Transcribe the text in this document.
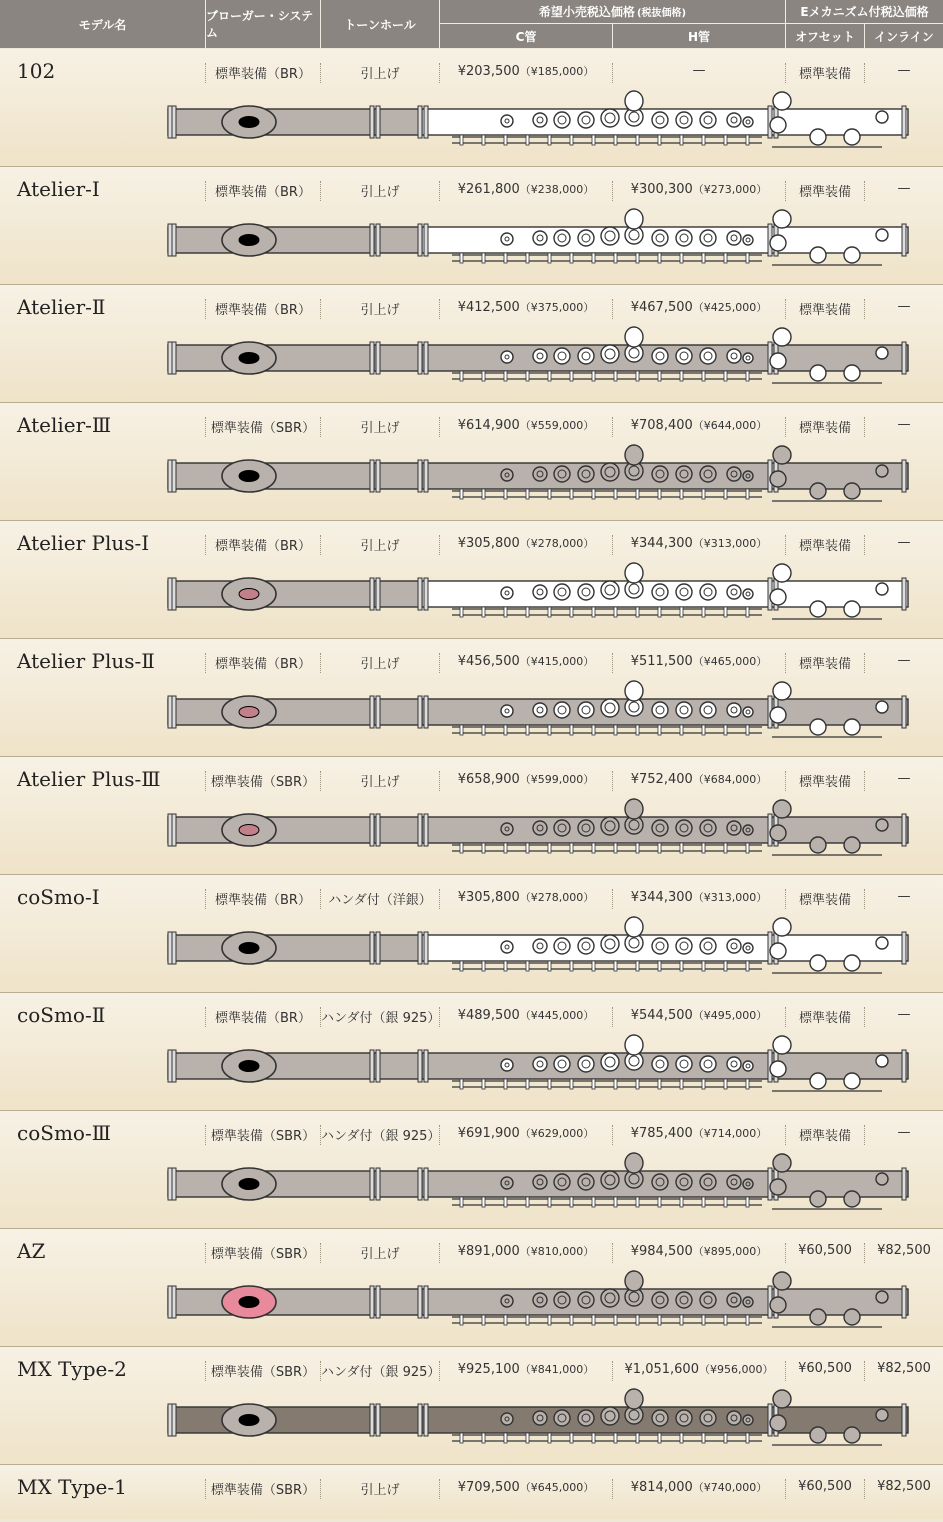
モデル名
ブローガー・システム
トーンホール
希望小売税込価格 (税抜価格)
C管	H管
Eメカニズム付税込価格
オフセット	インライン
102	標準装備（BR）	引上げ	¥203,500（¥185,000）	—	標準装備	—
Atelier-Ⅰ	標準装備（BR）	引上げ	¥261,800（¥238,000）	¥300,300（¥273,000）	標準装備	—
Atelier-Ⅱ	標準装備（BR）	引上げ	¥412,500（¥375,000）	¥467,500（¥425,000）	標準装備	—
Atelier-Ⅲ	標準装備（SBR）	引上げ	¥614,900（¥559,000）	¥708,400（¥644,000）	標準装備	—
Atelier Plus-Ⅰ	標準装備（BR）	引上げ	¥305,800（¥278,000）	¥344,300（¥313,000）	標準装備	—
Atelier Plus-Ⅱ	標準装備（BR）	引上げ	¥456,500（¥415,000）	¥511,500（¥465,000）	標準装備	—
Atelier Plus-Ⅲ	標準装備（SBR）	引上げ	¥658,900（¥599,000）	¥752,400（¥684,000）	標準装備	—
coSmo-Ⅰ	標準装備（BR）	ハンダ付（洋銀）	¥305,800（¥278,000）	¥344,300（¥313,000）	標準装備	—
coSmo-Ⅱ	標準装備（BR） ハンダ付（銀 925）	¥489,500（¥445,000）	¥544,500（¥495,000）	標準装備	—
coSmo-Ⅲ	標準装備（SBR） ハンダ付（銀 925）	¥691,900（¥629,000）	¥785,400（¥714,000）	標準装備	—
AZ	標準装備（SBR）	引上げ	¥891,000（¥810,000）	¥984,500（¥895,000）	¥60,500	¥82,500
MX Type-2	標準装備（SBR） ハンダ付（銀 925）	¥925,100（¥841,000）	¥1,051,600（¥956,000）	¥60,500	¥82,500
MX Type-1	標準装備（SBR）	引上げ	¥709,500（¥645,000）	¥814,000（¥740,000）	¥60,500	¥82,500
